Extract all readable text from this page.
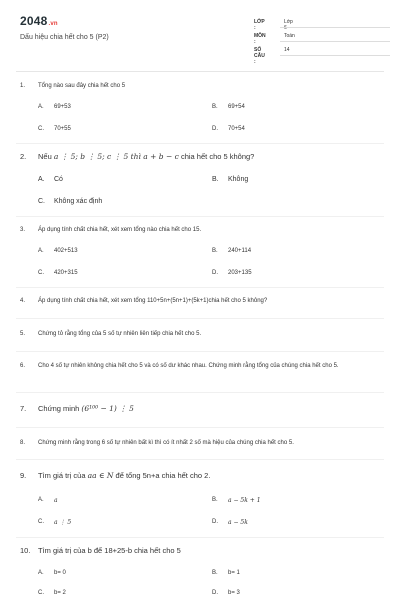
2048.vn
Dấu hiệu chia hết cho 5 (P2)
LỚP :
Lớp 6
MÔN :
Toán
SỐ CÂU :
14
1. Tổng nào sau đây chia hết cho 5
A. 69+53	B. 69+54
C. 70+55	D. 70+54
2. Nếu a ⋮ 5; b ⋮ 5; c ⋮ 5 thì a + b − c chia hết cho 5 không?
A. Có	B. Không
C. Không xác định
3. Áp dụng tính chất chia hết, xét xem tổng nào chia hết cho 15.
A. 402+513	B. 240+114
C. 420+315	D. 203+135
4. Áp dụng tính chất chia hết, xét xem tổng 110+5n+(5n+1)+(5k+1)chia hết cho 5 không?
5. Chứng tỏ rằng tổng của 5 số tự nhiên liên tiếp chia hết cho 5.
6. Cho 4 số tự nhiên không chia hết cho 5 và có số dư khác nhau. Chứng minh rằng tổng của chúng chia hết cho 5.
7. Chứng minh (6¹⁰⁰ − 1) ⋮ 5
8. Chứng minh rằng trong 6 số tự nhiên bất kì thì có ít nhất 2 số mà hiệu của chúng chia hết cho 5.
9. Tìm giá trị của aa ∈ N để tổng 5n+a chia hết cho 2.
A. a	B. a − 5k + 1
C. a ⋮ 5	D. a − 5k
10. Tìm giá trị của b để 18+25-b chia hết cho 5
A. b= 0	B. b= 1
C. b= 2	D. b= 3
